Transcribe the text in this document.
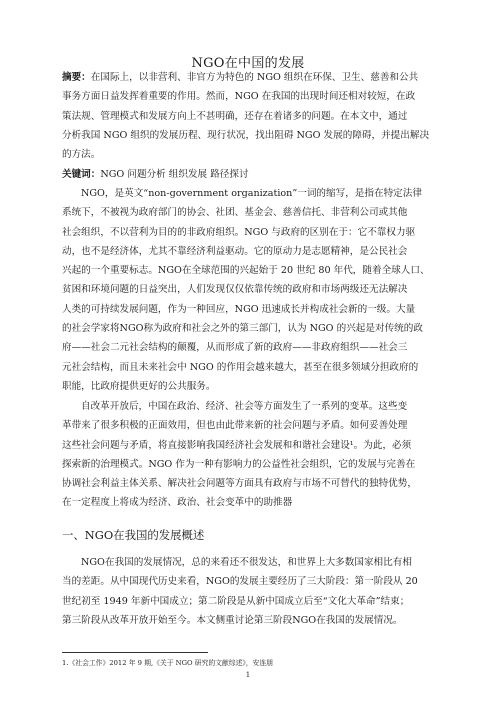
NGO在中国的发展
摘要：在国际上，以非营利、非官方为特色的 NGO 组织在环保、卫生、慈善和公共
事务方面日益发挥着重要的作用。然而，NGO 在我国的出现时间还相对较短，在政
策法规、管理模式和发展方向上不甚明确，还存在着诸多的问题。在本文中，通过
分析我国 NGO 组织的发展历程、现行状况，找出阻碍 NGO 发展的障碍，并提出解决
的方法。
关键词：NGO 问题分析 组织发展 路径探讨
NGO，是英文“non-government organization”一词的缩写，是指在特定法律
系统下，不被视为政府部门的协会、社团、基金会、慈善信托、非营利公司或其他
社会组织，不以营利为目的的非政府组织。NGO 与政府的区别在于：它不靠权力驱
动，也不是经济体，尤其不靠经济利益驱动。它的原动力是志愿精神，是公民社会
兴起的一个重要标志。NGO在全球范围的兴起始于 20 世纪 80 年代，随着全球人口、
贫困和环境问题的日益突出，人们发现仅仅依靠传统的政府和市场两级还无法解决
人类的可持续发展问题，作为一种回应，NGO 迅速成长并构成社会新的一级。大量
的社会学家将NGO称为政府和社会之外的第三部门，认为 NGO 的兴起是对传统的政
府——社会二元社会结构的颠覆，从而形成了新的政府——非政府组织——社会三
元社会结构，而且未来社会中 NGO 的作用会越来越大，甚至在很多领域分担政府的
职能，比政府提供更好的公共服务。
自改革开放后，中国在政治、经济、社会等方面发生了一系列的变革。这些变
革带来了很多积极的正面效用，但也由此带来新的社会问题与矛盾。如何妥善处理
这些社会问题与矛盾，将直接影响我国经济社会发展和和谐社会建设¹。为此，必须
探索新的治理模式。NGO 作为一种有影响力的公益性社会组织，它的发展与完善在
协调社会利益主体关系、解决社会问题等方面具有政府与市场不可替代的独特优势，
在一定程度上将成为经济、政治、社会变革中的助推器
一、NGO在我国的发展概述
NGO在我国的发展情况，总的来看还不很发达，和世界上大多数国家相比有相
当的差距。从中国现代历史来看，NGO的发展主要经历了三大阶段：第一阶段从 20
世纪初至 1949 年新中国成立；第二阶段是从新中国成立后至“文化大革命”结束；
第三阶段从改革开放开始至今。本文侧重讨论第三阶段NGO在我国的发展情况。
1.《社会工作》2012 年 9 期,《关于 NGO 研究的文献综述》，安连朋
1
